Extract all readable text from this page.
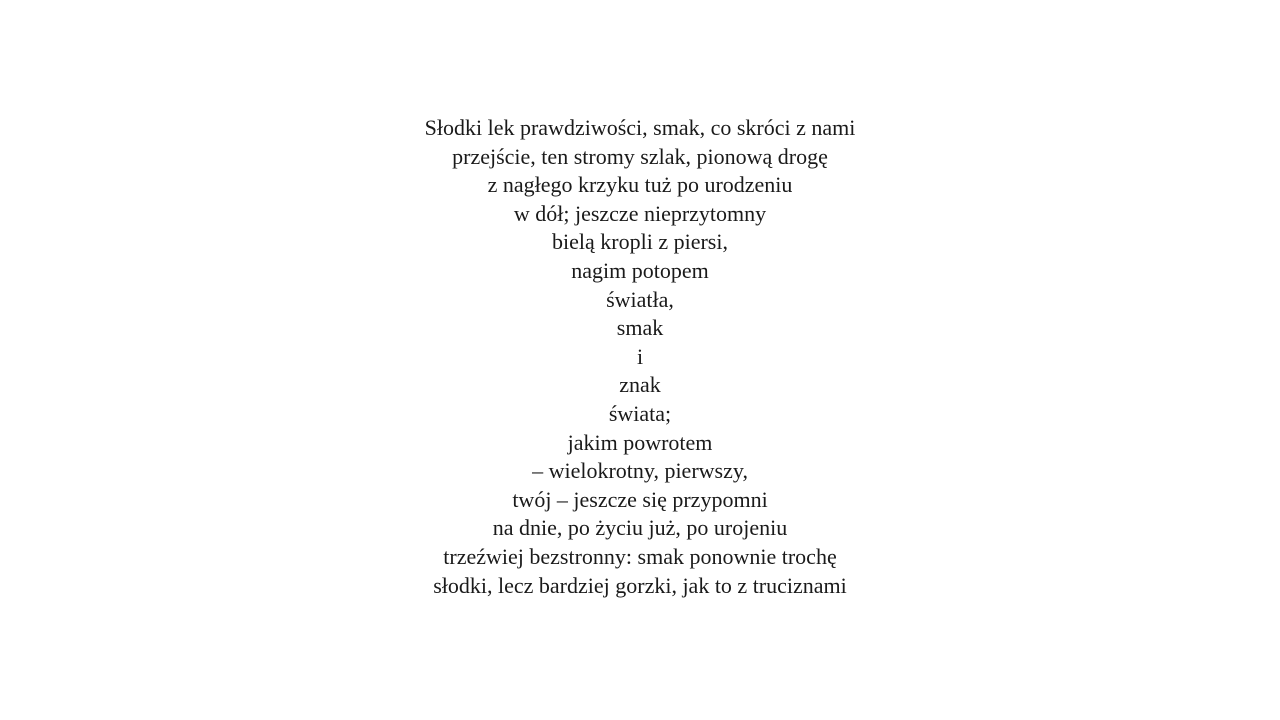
Słodki lek prawdziwości, smak, co skróci z nami
przejście, ten stromy szlak, pionową drogę
z nagłego krzyku tuż po urodzeniu
w dół; jeszcze nieprzytomny
bielą kropli z piersi,
nagim potopem
światła,
smak
i
znak
świata;
jakim powrotem
– wielokrotny, pierwszy,
twój – jeszcze się przypomni
na dnie, po życiu już, po urojeniu
trzeźwiej bezstronny: smak ponownie trochę
słodki, lecz bardziej gorzki, jak to z truciznami
